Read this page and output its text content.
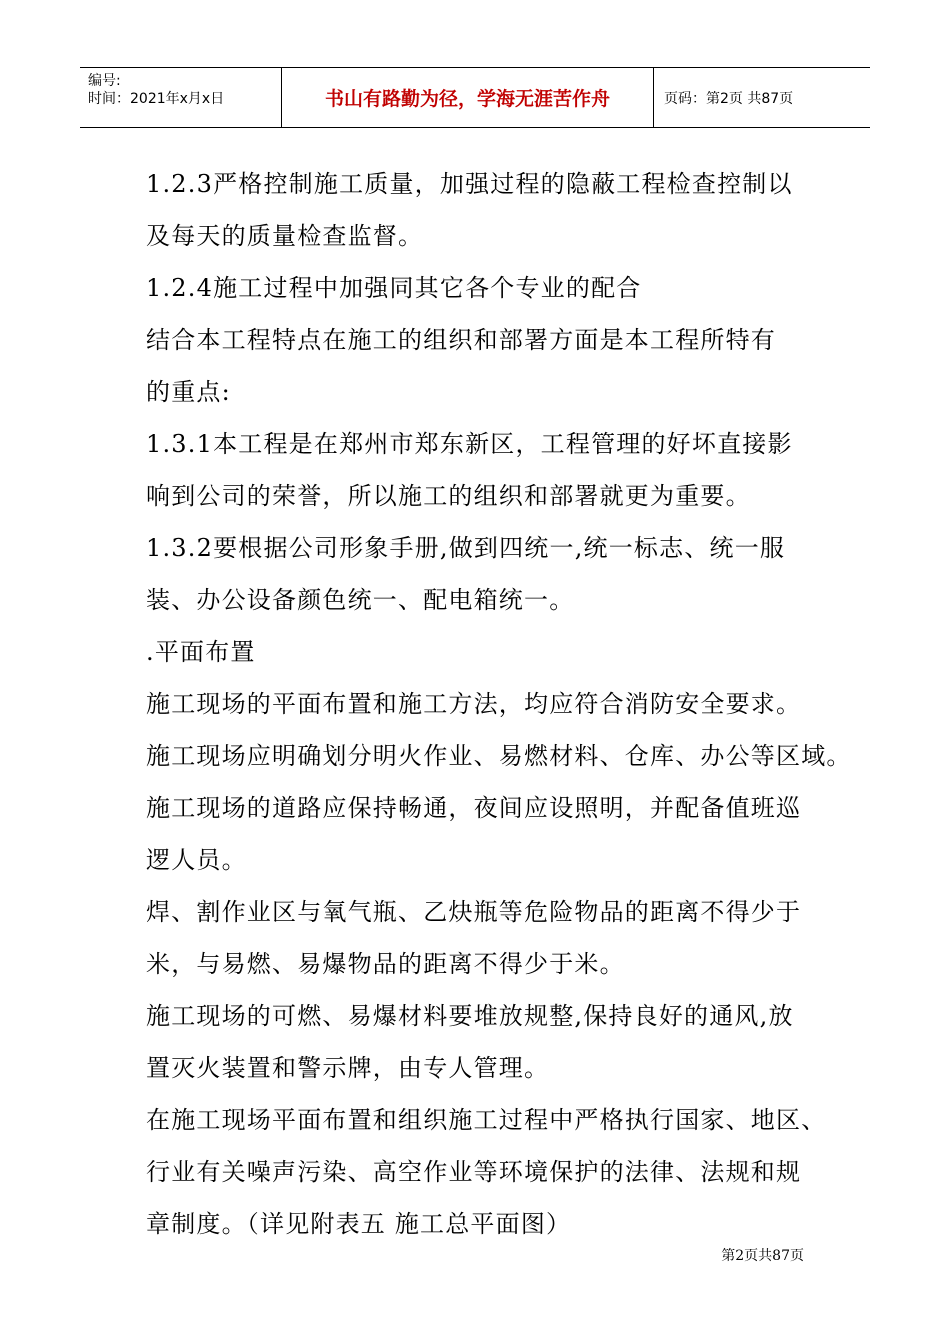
编号:
时间：2021年x月x日	书山有路勤为径，学海无涯苦作舟	页码：第2页 共87页
1.2.3严格控制施工质量，加强过程的隐蔽工程检查控制以
及每天的质量检查监督。
1.2.4施工过程中加强同其它各个专业的配合
结合本工程特点在施工的组织和部署方面是本工程所特有
的重点:
1.3.1本工程是在郑州市郑东新区，工程管理的好坏直接影
响到公司的荣誉，所以施工的组织和部署就更为重要。
1.3.2要根据公司形象手册,做到四统一,统一标志、统一服
装、办公设备颜色统一、配电箱统一。
.平面布置
施工现场的平面布置和施工方法，均应符合消防安全要求。
施工现场应明确划分明火作业、易燃材料、仓库、办公等区域。
施工现场的道路应保持畅通，夜间应设照明，并配备值班巡
逻人员。
焊、割作业区与氧气瓶、乙炔瓶等危险物品的距离不得少于
米，与易燃、易爆物品的距离不得少于米。
施工现场的可燃、易爆材料要堆放规整,保持良好的通风,放
置灭火装置和警示牌，由专人管理。
在施工现场平面布置和组织施工过程中严格执行国家、地区、
行业有关噪声污染、高空作业等环境保护的法律、法规和规
章制度。（详见附表五 施工总平面图）
第2页共87页
